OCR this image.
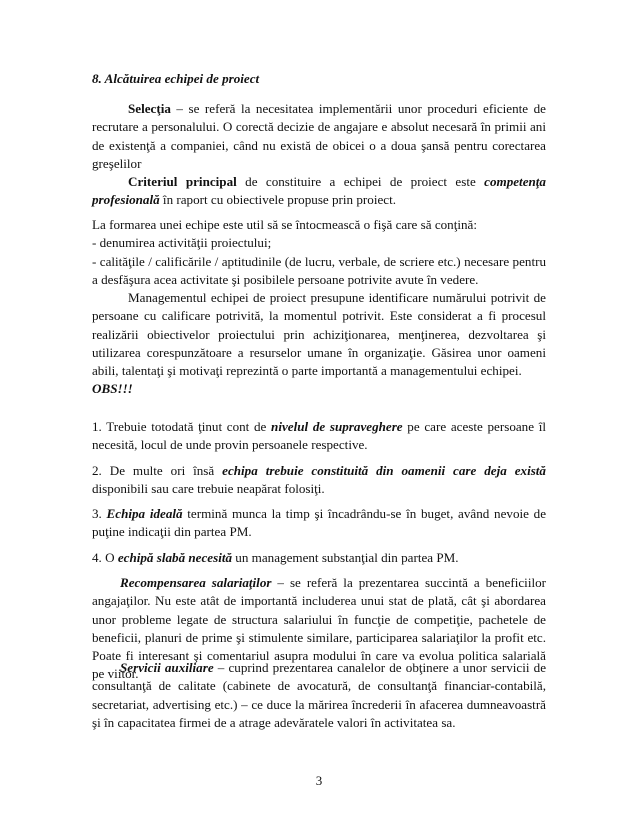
8. Alcătuirea echipei de proiect

Selecţia – se referă la necesitatea implementării unor proceduri eficiente de recrutare a personalului. O corectă decizie de angajare e absolut necesară în primii ani de existenţă a companiei, când nu există de obicei o a doua şansă pentru corectarea greşelilor

Criteriul principal de constituire a echipei de proiect este competenţa profesională în raport cu obiectivele propuse prin proiect.

La formarea unei echipe este util să se întocmească o fişă care să conţină:

- denumirea activităţii proiectului;

- calităţile / calificările / aptitudinile (de lucru, verbale, de scriere etc.) necesare pentru a desfăşura acea activitate şi posibilele persoane potrivite avute în vedere.

Managementul echipei de proiect presupune identificare numărului potrivit de persoane cu calificare potrivită, la momentul potrivit. Este considerat a fi procesul realizării obiectivelor proiectului prin achiziţionarea, menţinerea, dezvoltarea şi utilizarea corespunzătoare a resurselor umane în organizaţie. Găsirea unor oameni abili, talentaţi şi motivaţi reprezintă o parte importantă a managementului echipei.

OBS!!!

1. Trebuie totodată ţinut cont de nivelul de supraveghere pe care aceste persoane îl necesită, locul de unde provin persoanele respective.

2. De multe ori însă echipa trebuie constituită din oamenii care deja există disponibili sau care trebuie neapărat folosiţi.

3. Echipa ideală termină munca la timp şi încadrându-se în buget, având nevoie de puţine indicaţii din partea PM.

4. O echipă slabă necesită un management substanţial din partea PM.

Recompensarea salariaţilor – se referă la prezentarea succintă a beneficiilor angajaţilor. Nu este atât de importantă includerea unui stat de plată, cât şi abordarea unor probleme legate de structura salariului în funcţie de competiţie, pachetele de beneficii, planuri de prime şi stimulente similare, participarea salariaţilor la profit etc. Poate fi interesant şi comentariul asupra modului în care va evolua politica salarială pe viitor.

Servicii auxiliare – cuprind prezentarea canalelor de obţinere a unor servicii de consultanţă de calitate (cabinete de avocatură, de consultanţă financiar-contabilă, secretariat, advertising etc.) – ce duce la mărirea încrederii în afacerea dumneavoastră şi în capacitatea firmei de a atrage adevăratele valori în activitatea sa.

3
